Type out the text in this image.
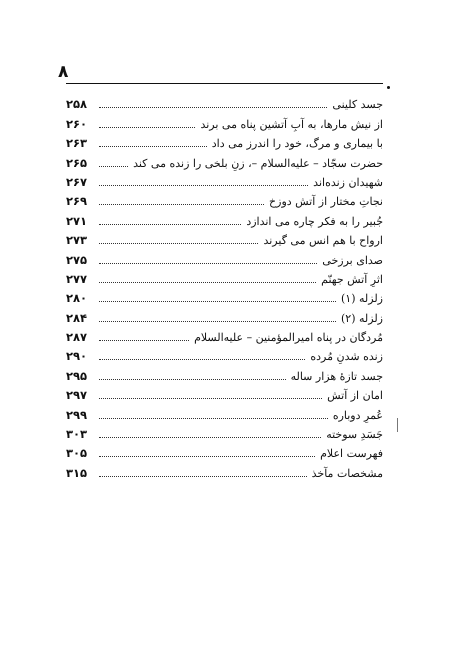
۸
جسد کلینی
۲۵۸
از نیش مارها، به آبِ آتشین پناه می برند
۲۶۰
با بیماری و مرگ، خود را اندرز می داد
۲۶۳
حضرت سجّاد – علیه‌السلام –، زنِ بلخی را زنده می کند
۲۶۵
شهیدان زنده‌اند
۲۶۷
نجاتِ مختار از آتش دوزخ
۲۶۹
جُبیر را به فکر چاره می اندازد
۲۷۱
ارواح با هم انس می گیرند
۲۷۳
صدای برزخی
۲۷۵
اثرِ آتش جهنّم
۲۷۷
زلزله (۱)
۲۸۰
زلزله (۲)
۲۸۴
مُردگان در پناه امیرالمؤمنین – علیه‌السلام
۲۸۷
زنده شدنِ مُرده
۲۹۰
جسد تازهٔ هزار ساله
۲۹۵
امان از آتش
۲۹۷
عُمرِ دوباره
۲۹۹
جَسَدِ سوخته
۳۰۳
فهرست اعلام
۳۰۵
مشخصات مآخذ
۳۱۵
